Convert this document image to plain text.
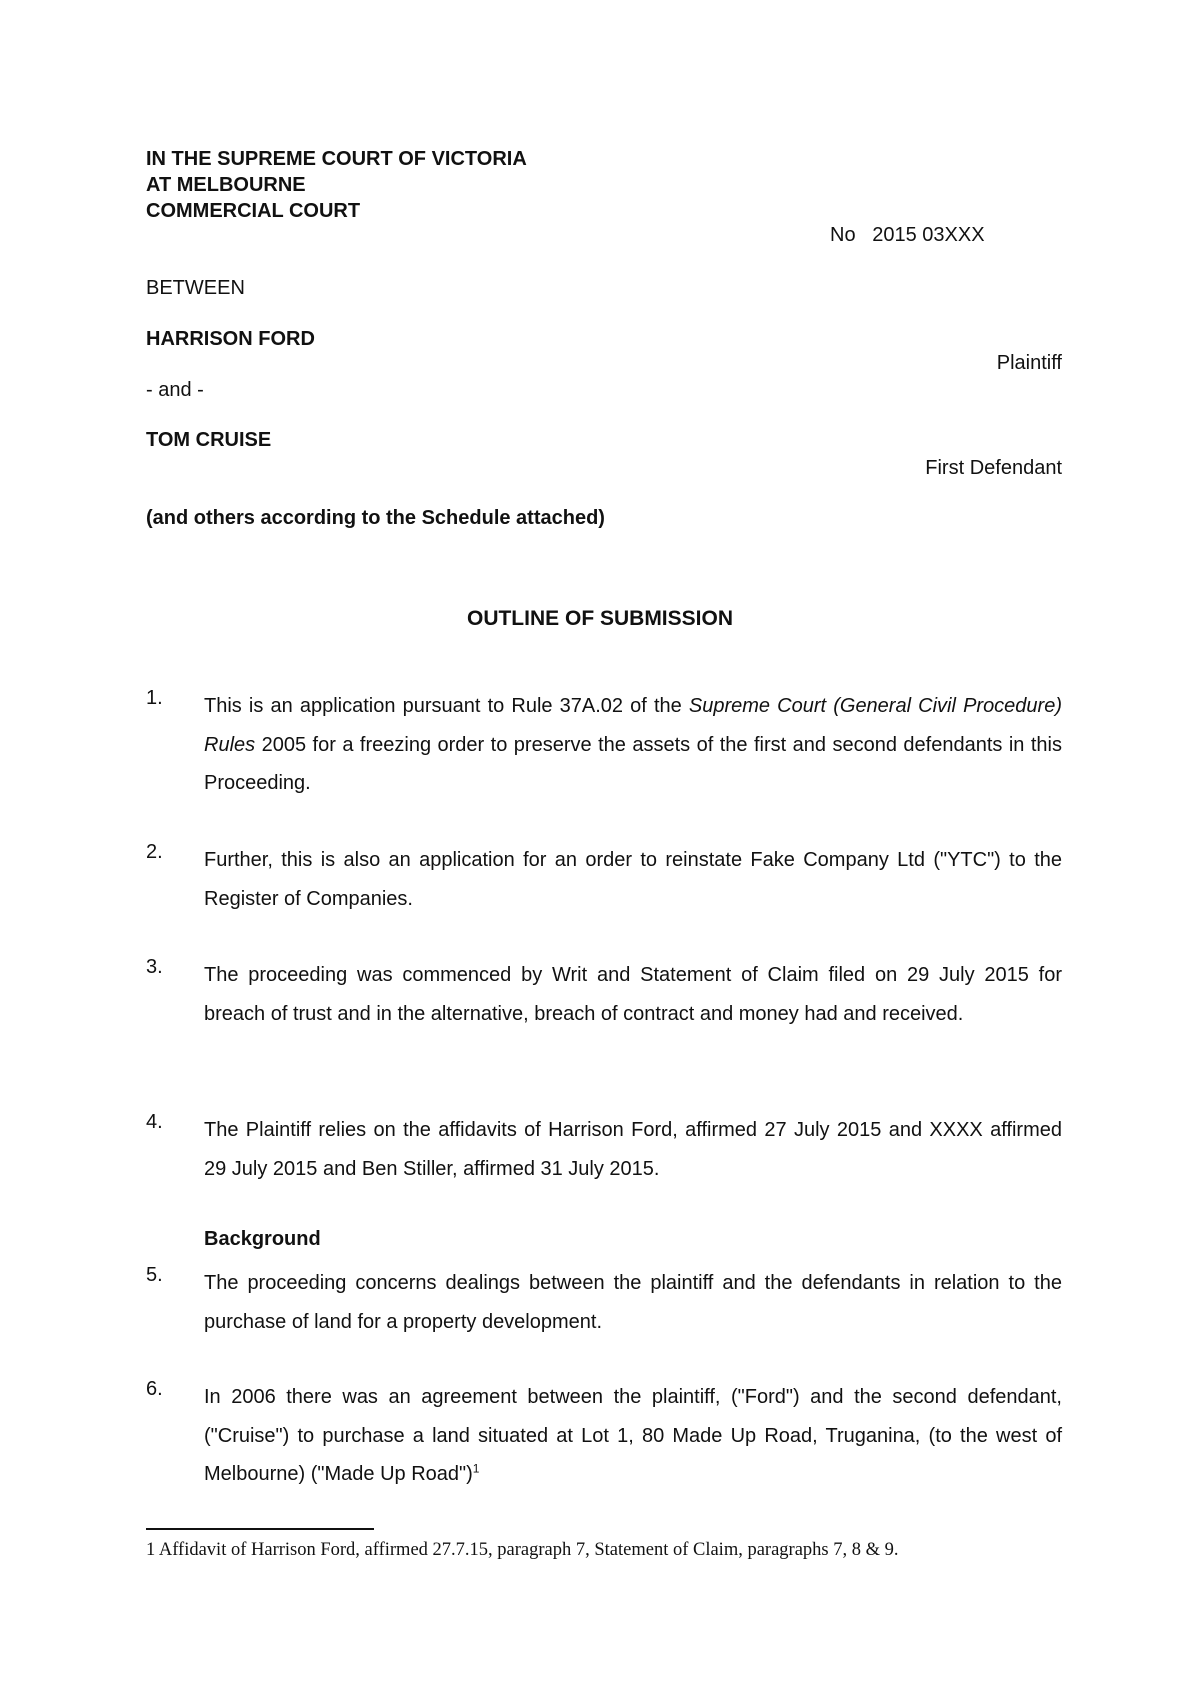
IN THE SUPREME COURT OF VICTORIA
AT MELBOURNE
COMMERCIAL COURT
No   2015 03XXX
BETWEEN
HARRISON FORD
Plaintiff
- and -
TOM CRUISE
First Defendant
(and others according to the Schedule attached)
OUTLINE OF SUBMISSION
1. This is an application pursuant to Rule 37A.02 of the Supreme Court (General Civil Procedure) Rules 2005 for a freezing order to preserve the assets of the first and second defendants in this Proceeding.
2. Further, this is also an application for an order to reinstate Fake Company Ltd ("YTC") to the Register of Companies.
3. The proceeding was commenced by Writ and Statement of Claim filed on 29 July 2015 for breach of trust and in the alternative, breach of contract and money had and received.
4. The Plaintiff relies on the affidavits of Harrison Ford, affirmed 27 July 2015 and XXXX affirmed 29 July 2015 and Ben Stiller, affirmed 31 July 2015.
Background
5. The proceeding concerns dealings between the plaintiff and the defendants in relation to the purchase of land for a property development.
6. In 2006 there was an agreement between the plaintiff, ("Ford") and the second defendant, ("Cruise") to purchase a land situated at Lot 1, 80 Made Up Road, Truganina, (to the west of Melbourne) ("Made Up Road")$^1$
1 Affidavit of Harrison Ford, affirmed 27.7.15, paragraph 7, Statement of Claim, paragraphs 7, 8 & 9.
